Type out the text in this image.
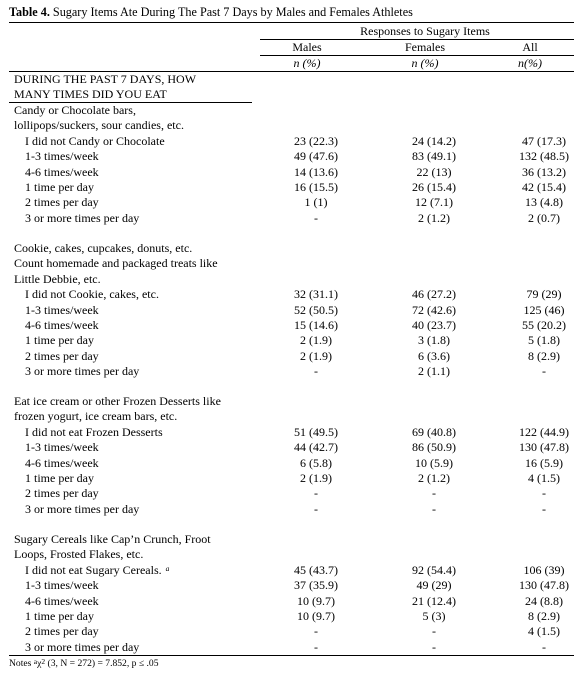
Table 4. Sugary Items Ate During The Past 7 Days by Males and Females Athletes
Responses to Sugary Items
Males	Females	All
n (%)	n (%)	n(%)
DURING THE PAST 7 DAYS, HOW
MANY TIMES DID YOU EAT
Candy or Chocolate bars,
lollipops/suckers, sour candies, etc.
I did not Candy or Chocolate	23 (22.3)	24 (14.2)	47 (17.3)
1-3 times/week	49 (47.6)	83 (49.1)	132 (48.5)
4-6 times/week	14 (13.6)	22 (13)	36 (13.2)
1 time per day	16 (15.5)	26 (15.4)	42 (15.4)
2 times per day	1 (1)	12 (7.1)	13 (4.8)
3 or more times per day	-	2 (1.2)	2 (0.7)
Cookie, cakes, cupcakes, donuts, etc.
Count homemade and packaged treats like
Little Debbie, etc.
I did not Cookie, cakes, etc.	32 (31.1)	46 (27.2)	79 (29)
1-3 times/week	52 (50.5)	72 (42.6)	125 (46)
4-6 times/week	15 (14.6)	40 (23.7)	55 (20.2)
1 time per day	2 (1.9)	3 (1.8)	5 (1.8)
2 times per day	2 (1.9)	6 (3.6)	8 (2.9)
3 or more times per day	-	2 (1.1)	-
Eat ice cream or other Frozen Desserts like
frozen yogurt, ice cream bars, etc.
I did not eat Frozen Desserts	51 (49.5)	69 (40.8)	122 (44.9)
1-3 times/week	44 (42.7)	86 (50.9)	130 (47.8)
4-6 times/week	6 (5.8)	10 (5.9)	16 (5.9)
1 time per day	2 (1.9)	2 (1.2)	4 (1.5)
2 times per day	-	-	-
3 or more times per day	-	-	-
Sugary Cereals like Cap’n Crunch, Froot
Loops, Frosted Flakes, etc.
I did not eat Sugary Cereals. $^a$	45 (43.7)	92 (54.4)	106 (39)
1-3 times/week	37 (35.9)	49 (29)	130 (47.8)
4-6 times/week	10 (9.7)	21 (12.4)	24 (8.8)
1 time per day	10 (9.7)	5 (3)	8 (2.9)
2 times per day	-	-	4 (1.5)
3 or more times per day	-	-	-
Notes $^a\chi^2$ (3, N = 272) = 7.852, p ≤ .05
